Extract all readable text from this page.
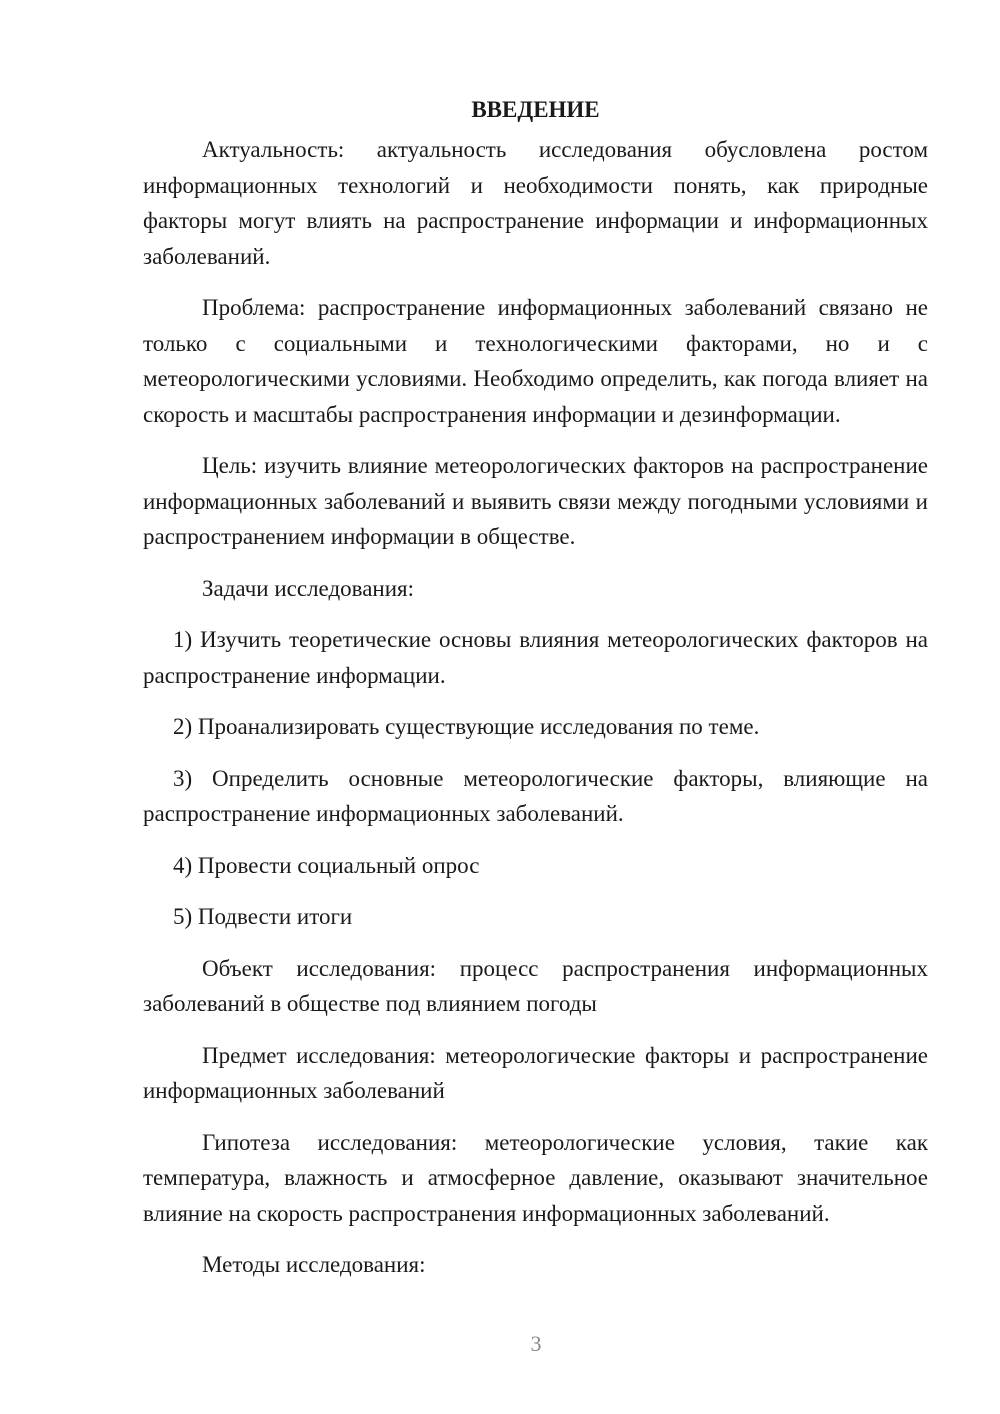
ВВЕДЕНИЕ

Актуальность: актуальность исследования обусловлена ростом информационных технологий и необходимости понять, как природные факторы могут влиять на распространение информации и информационных заболеваний.

Проблема: распространение информационных заболеваний связано не только с социальными и технологическими факторами, но и с метеорологическими условиями. Необходимо определить, как погода влияет на скорость и масштабы распространения информации и дезинформации.

Цель: изучить влияние метеорологических факторов на распространение информационных заболеваний и выявить связи между погодными условиями и распространением информации в обществе.

Задачи исследования:

1) Изучить теоретические основы влияния метеорологических факторов на распространение информации.

2) Проанализировать существующие исследования по теме.

3) Определить основные метеорологические факторы, влияющие на распространение информационных заболеваний.

4) Провести социальный опрос

5) Подвести итоги

Объект исследования: процесс распространения информационных заболеваний в обществе под влиянием погоды

Предмет исследования: метеорологические факторы и распространение информационных заболеваний

Гипотеза исследования: метеорологические условия, такие как температура, влажность и атмосферное давление, оказывают значительное влияние на скорость распространения информационных заболеваний.

Методы исследования:

3
